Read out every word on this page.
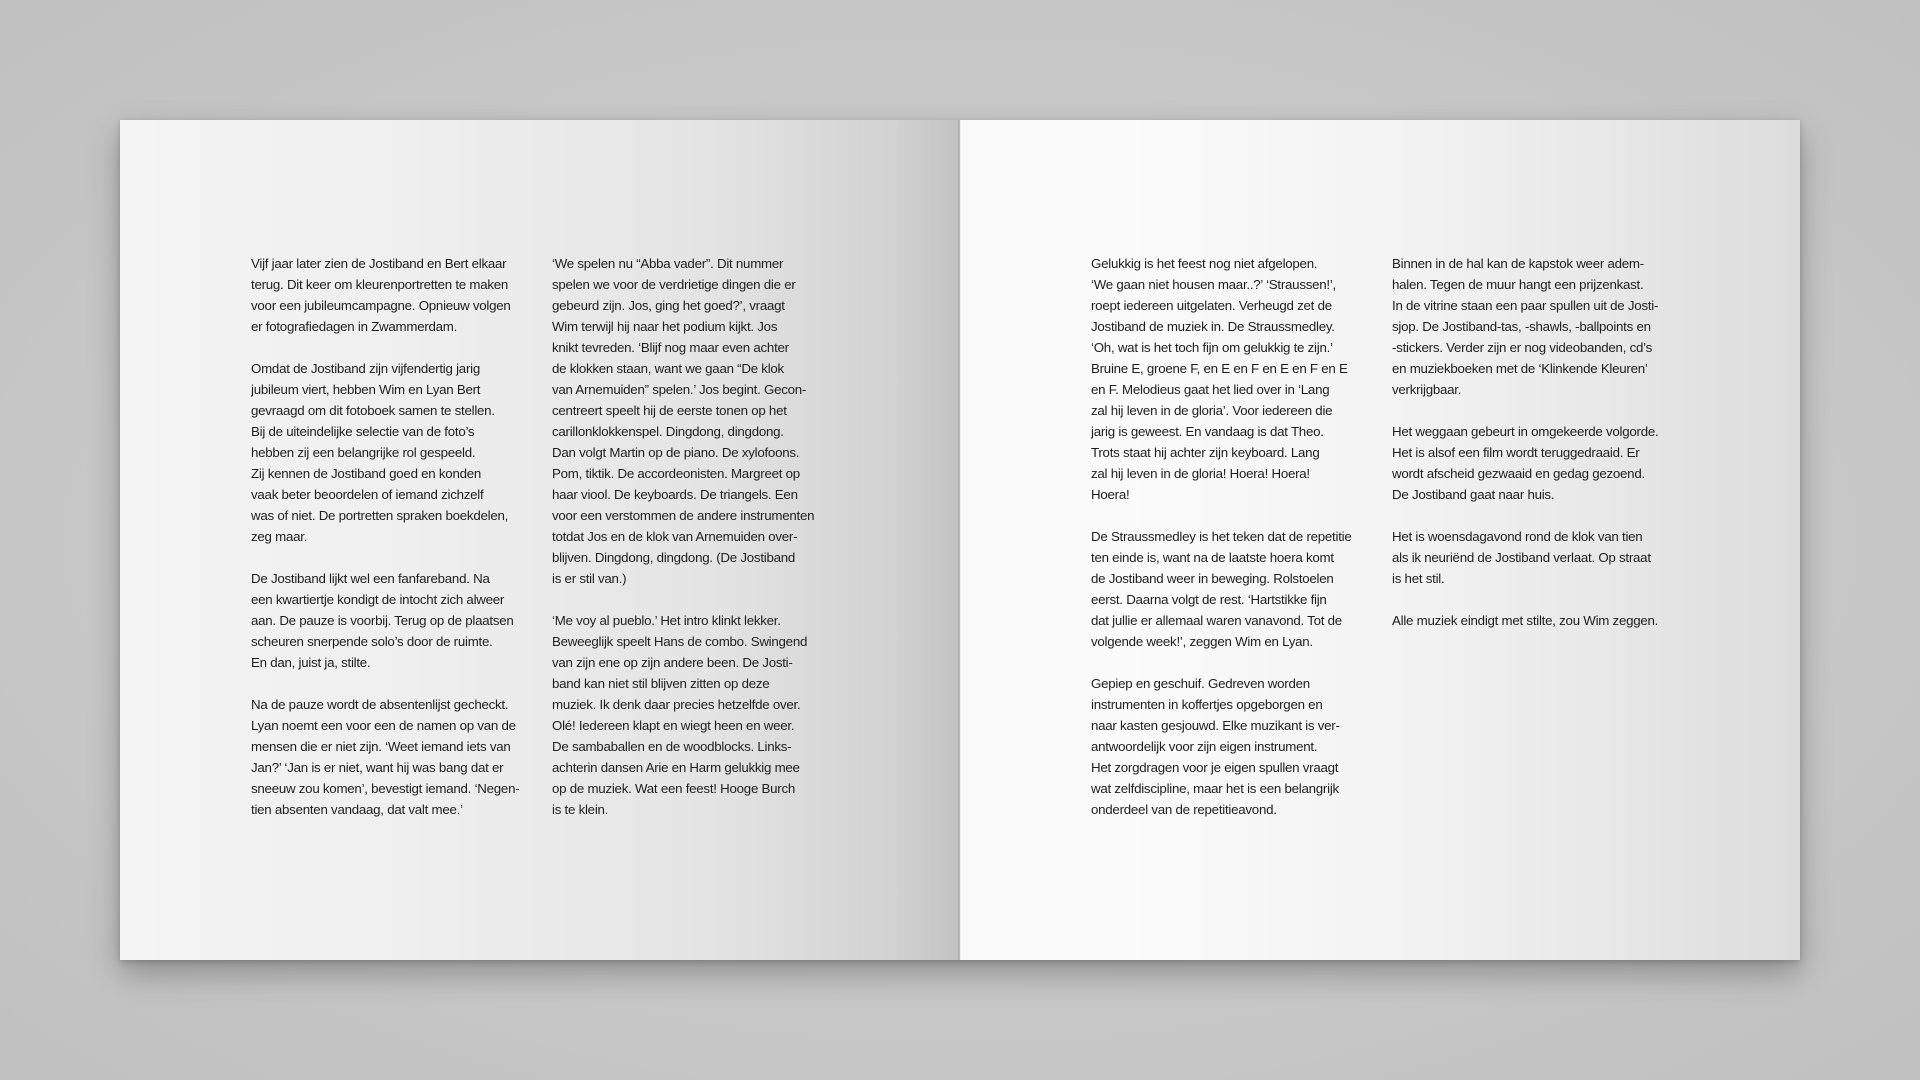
Vijf jaar later zien de Jostiband en Bert elkaar
terug. Dit keer om kleurenportretten te maken
voor een jubileumcampagne. Opnieuw volgen
er fotografiedagen in Zwammerdam.

Omdat de Jostiband zijn vijfendertig jarig
jubileum viert, hebben Wim en Lyan Bert
gevraagd om dit fotoboek samen te stellen.
Bij de uiteindelijke selectie van de foto’s
hebben zij een belangrijke rol gespeeld.
Zij kennen de Jostiband goed en konden
vaak beter beoordelen of iemand zichzelf
was of niet. De portretten spraken boekdelen,
zeg maar.

De Jostiband lijkt wel een fanfareband. Na
een kwartiertje kondigt de intocht zich alweer
aan. De pauze is voorbij. Terug op de plaatsen
scheuren snerpende solo’s door de ruimte.
En dan, juist ja, stilte.

Na de pauze wordt de absentenlijst gecheckt.
Lyan noemt een voor een de namen op van de
mensen die er niet zijn. ‘Weet iemand iets van
Jan?’ ‘Jan is er niet, want hij was bang dat er
sneeuw zou komen’, bevestigt iemand. ‘Negen-
tien absenten vandaag, dat valt mee.’

‘We spelen nu “Abba vader”. Dit nummer
spelen we voor de verdrietige dingen die er
gebeurd zijn. Jos, ging het goed?’, vraagt
Wim terwijl hij naar het podium kijkt. Jos
knikt tevreden. ‘Blijf nog maar even achter
de klokken staan, want we gaan “De klok
van Arnemuiden” spelen.’ Jos begint. Gecon-
centreert speelt hij de eerste tonen op het
carillonklokkenspel. Dingdong, dingdong.
Dan volgt Martin op de piano. De xylofoons.
Pom, tiktik. De accordeonisten. Margreet op
haar viool. De keyboards. De triangels. Een
voor een verstommen de andere instrumenten
totdat Jos en de klok van Arnemuiden over-
blijven. Dingdong, dingdong. (De Jostiband
is er stil van.)

‘Me voy al pueblo.’ Het intro klinkt lekker.
Beweeglijk speelt Hans de combo. Swingend
van zijn ene op zijn andere been. De Josti-
band kan niet stil blijven zitten op deze
muziek. Ik denk daar precies hetzelfde over.
Olé! Iedereen klapt en wiegt heen en weer.
De sambaballen en de woodblocks. Links-
achterin dansen Arie en Harm gelukkig mee
op de muziek. Wat een feest! Hooge Burch
is te klein.

Gelukkig is het feest nog niet afgelopen.
‘We gaan niet housen maar..?’ ‘Straussen!’,
roept iedereen uitgelaten. Verheugd zet de
Jostiband de muziek in. De Straussmedley.
‘Oh, wat is het toch fijn om gelukkig te zijn.’
Bruine E, groene F, en E en F en E en F en E
en F. Melodieus gaat het lied over in ‘Lang
zal hij leven in de gloria’. Voor iedereen die
jarig is geweest. En vandaag is dat Theo.
Trots staat hij achter zijn keyboard. Lang
zal hij leven in de gloria! Hoera! Hoera!
Hoera!

De Straussmedley is het teken dat de repetitie
ten einde is, want na de laatste hoera komt
de Jostiband weer in beweging. Rolstoelen
eerst. Daarna volgt de rest. ‘Hartstikke fijn
dat jullie er allemaal waren vanavond. Tot de
volgende week!’, zeggen Wim en Lyan.

Gepiep en geschuif. Gedreven worden
instrumenten in koffertjes opgeborgen en
naar kasten gesjouwd. Elke muzikant is ver-
antwoordelijk voor zijn eigen instrument.
Het zorgdragen voor je eigen spullen vraagt
wat zelfdiscipline, maar het is een belangrijk
onderdeel van de repetitieavond.

Binnen in de hal kan de kapstok weer adem-
halen. Tegen de muur hangt een prijzenkast.
In de vitrine staan een paar spullen uit de Josti-
sjop. De Jostiband-tas, -shawls, -ballpoints en
-stickers. Verder zijn er nog videobanden, cd’s
en muziekboeken met de ‘Klinkende Kleuren’
verkrijgbaar.

Het weggaan gebeurt in omgekeerde volgorde.
Het is alsof een film wordt teruggedraaid. Er
wordt afscheid gezwaaid en gedag gezoend.
De Jostiband gaat naar huis.

Het is woensdagavond rond de klok van tien
als ik neuriënd de Jostiband verlaat. Op straat
is het stil.

Alle muziek eindigt met stilte, zou Wim zeggen.
